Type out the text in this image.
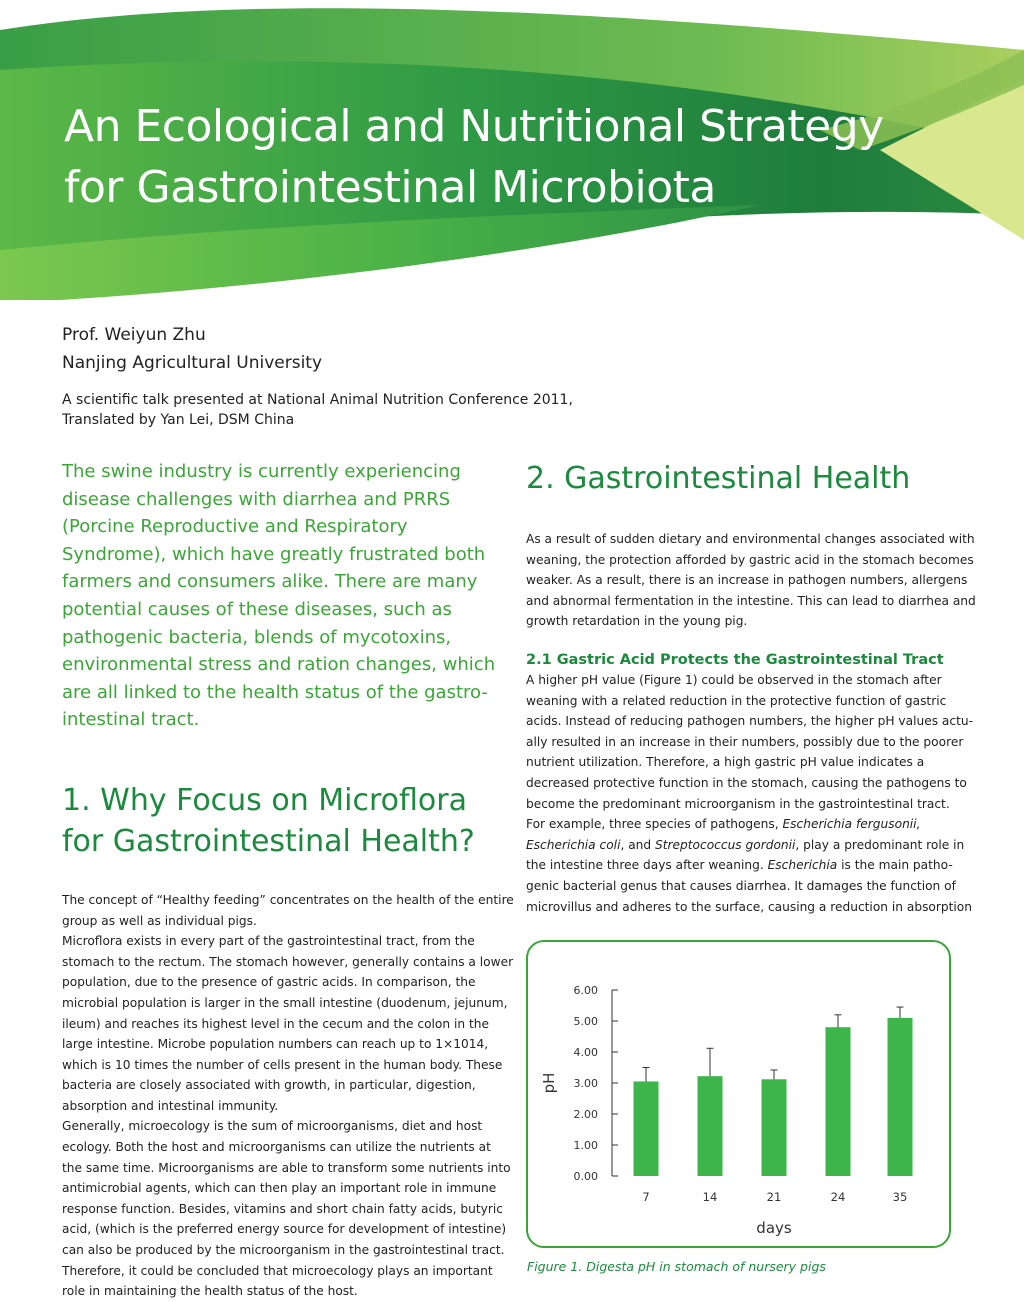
An Ecological and Nutritional Strategy
for Gastrointestinal Microbiota
Prof. Weiyun Zhu
Nanjing Agricultural University
A scientific talk presented at National Animal Nutrition Conference 2011,
Translated by Yan Lei, DSM China
The swine industry is currently experiencing
disease challenges with diarrhea and PRRS
(Porcine Reproductive and Respiratory
Syndrome), which have greatly frustrated both
farmers and consumers alike. There are many
potential causes of these diseases, such as
pathogenic bacteria, blends of mycotoxins,
environmental stress and ration changes, which
are all linked to the health status of the gastro-
intestinal tract.
1. Why Focus on Microflora
for Gastrointestinal Health?
The concept of “Healthy feeding” concentrates on the health of the entire
group as well as individual pigs.
Microflora exists in every part of the gastrointestinal tract, from the
stomach to the rectum. The stomach however, generally contains a lower
population, due to the presence of gastric acids. In comparison, the
microbial population is larger in the small intestine (duodenum, jejunum,
ileum) and reaches its highest level in the cecum and the colon in the
large intestine. Microbe population numbers can reach up to 1×1014,
which is 10 times the number of cells present in the human body. These
bacteria are closely associated with growth, in particular, digestion,
absorption and intestinal immunity.
Generally, microecology is the sum of microorganisms, diet and host
ecology. Both the host and microorganisms can utilize the nutrients at
the same time. Microorganisms are able to transform some nutrients into
antimicrobial agents, which can then play an important role in immune
response function. Besides, vitamins and short chain fatty acids, butyric
acid, (which is the preferred energy source for development of intestine)
can also be produced by the microorganism in the gastrointestinal tract.
Therefore, it could be concluded that microecology plays an important
role in maintaining the health status of the host.
2. Gastrointestinal Health
As a result of sudden dietary and environmental changes associated with
weaning, the protection afforded by gastric acid in the stomach becomes
weaker. As a result, there is an increase in pathogen numbers, allergens
and abnormal fermentation in the intestine. This can lead to diarrhea and
growth retardation in the young pig.
2.1 Gastric Acid Protects the Gastrointestinal Tract
A higher pH value (Figure 1) could be observed in the stomach after
weaning with a related reduction in the protective function of gastric
acids. Instead of reducing pathogen numbers, the higher pH values actu-
ally resulted in an increase in their numbers, possibly due to the poorer
nutrient utilization. Therefore, a high gastric pH value indicates a
decreased protective function in the stomach, causing the pathogens to
become the predominant microorganism in the gastrointestinal tract.
For example, three species of pathogens, Escherichia fergusonii,
Escherichia coli, and Streptococcus gordonii, play a predominant role in
the intestine three days after weaning. Escherichia is the main patho-
genic bacterial genus that causes diarrhea. It damages the function of
microvillus and adheres to the surface, causing a reduction in absorption
0.00
1.00
2.00
3.00
4.00
5.00
6.00
7	14	21	24	35
days
pH
Figure 1. Digesta pH in stomach of nursery pigs
